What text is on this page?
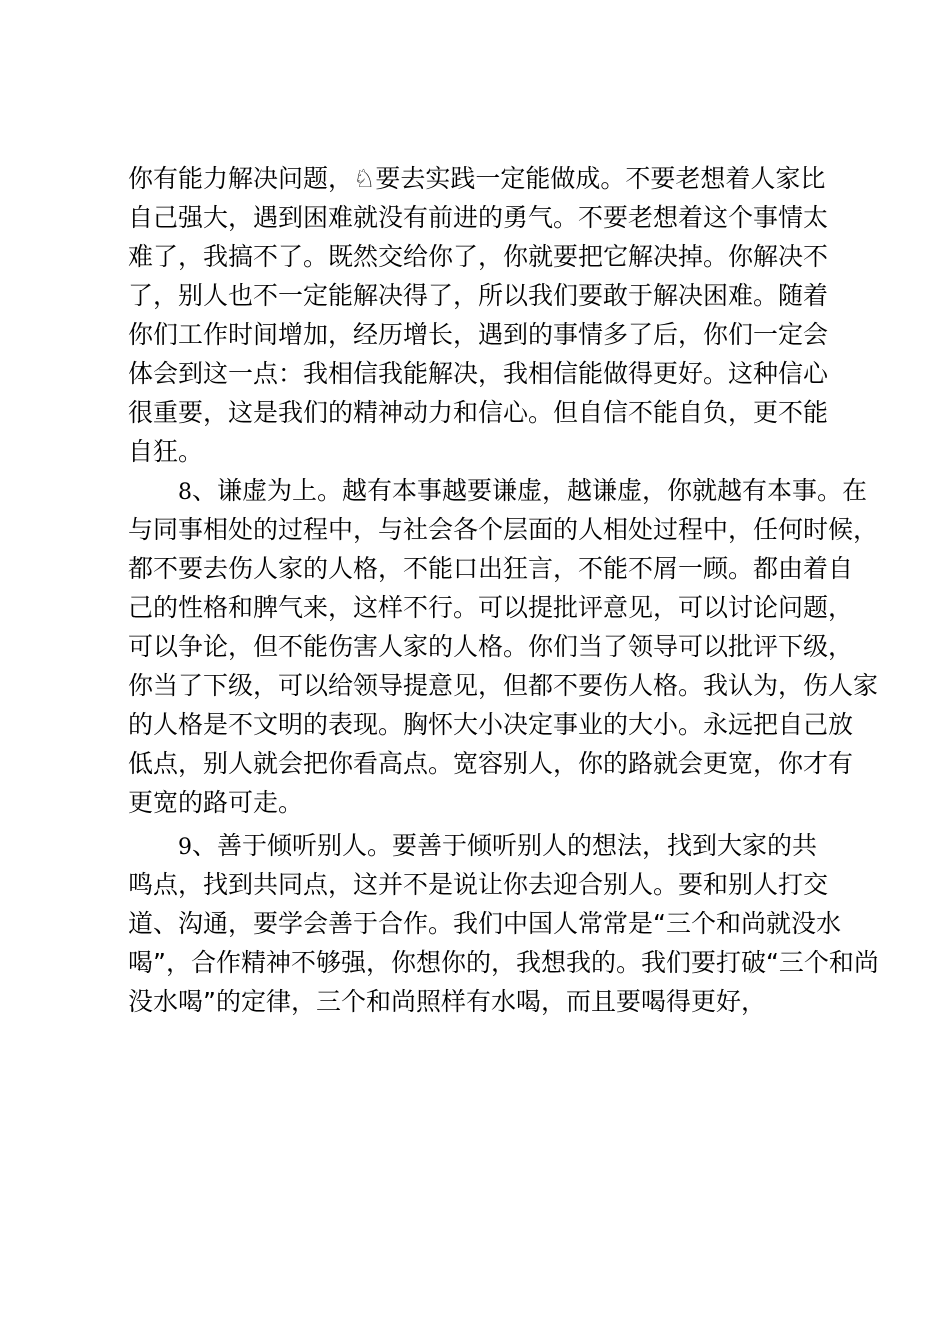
你有能力解决问题，♘要去实践一定能做成。不要老想着人家比
自己强大，遇到困难就没有前进的勇气。不要老想着这个事情太
难了，我搞不了。既然交给你了，你就要把它解决掉。你解决不
了，别人也不一定能解决得了，所以我们要敢于解决困难。随着
你们工作时间增加，经历增长，遇到的事情多了后，你们一定会
体会到这一点：我相信我能解决，我相信能做得更好。这种信心
很重要，这是我们的精神动力和信心。但自信不能自负，更不能
自狂。
8、谦虚为上。越有本事越要谦虚，越谦虚，你就越有本事。在
与同事相处的过程中，与社会各个层面的人相处过程中，任何时候，
都不要去伤人家的人格，不能口出狂言，不能不屑一顾。都由着自
己的性格和脾气来，这样不行。可以提批评意见，可以讨论问题，
可以争论，但不能伤害人家的人格。你们当了领导可以批评下级，
你当了下级，可以给领导提意见，但都不要伤人格。我认为，伤人家
的人格是不文明的表现。胸怀大小决定事业的大小。永远把自己放
低点，别人就会把你看高点。宽容别人，你的路就会更宽，你才有
更宽的路可走。
9、善于倾听别人。要善于倾听别人的想法，找到大家的共
鸣点，找到共同点，这并不是说让你去迎合别人。要和别人打交
道、沟通，要学会善于合作。我们中国人常常是“三个和尚就没水
喝”，合作精神不够强，你想你的，我想我的。我们要打破“三个和尚
没水喝”的定律，三个和尚照样有水喝，而且要喝得更好，
